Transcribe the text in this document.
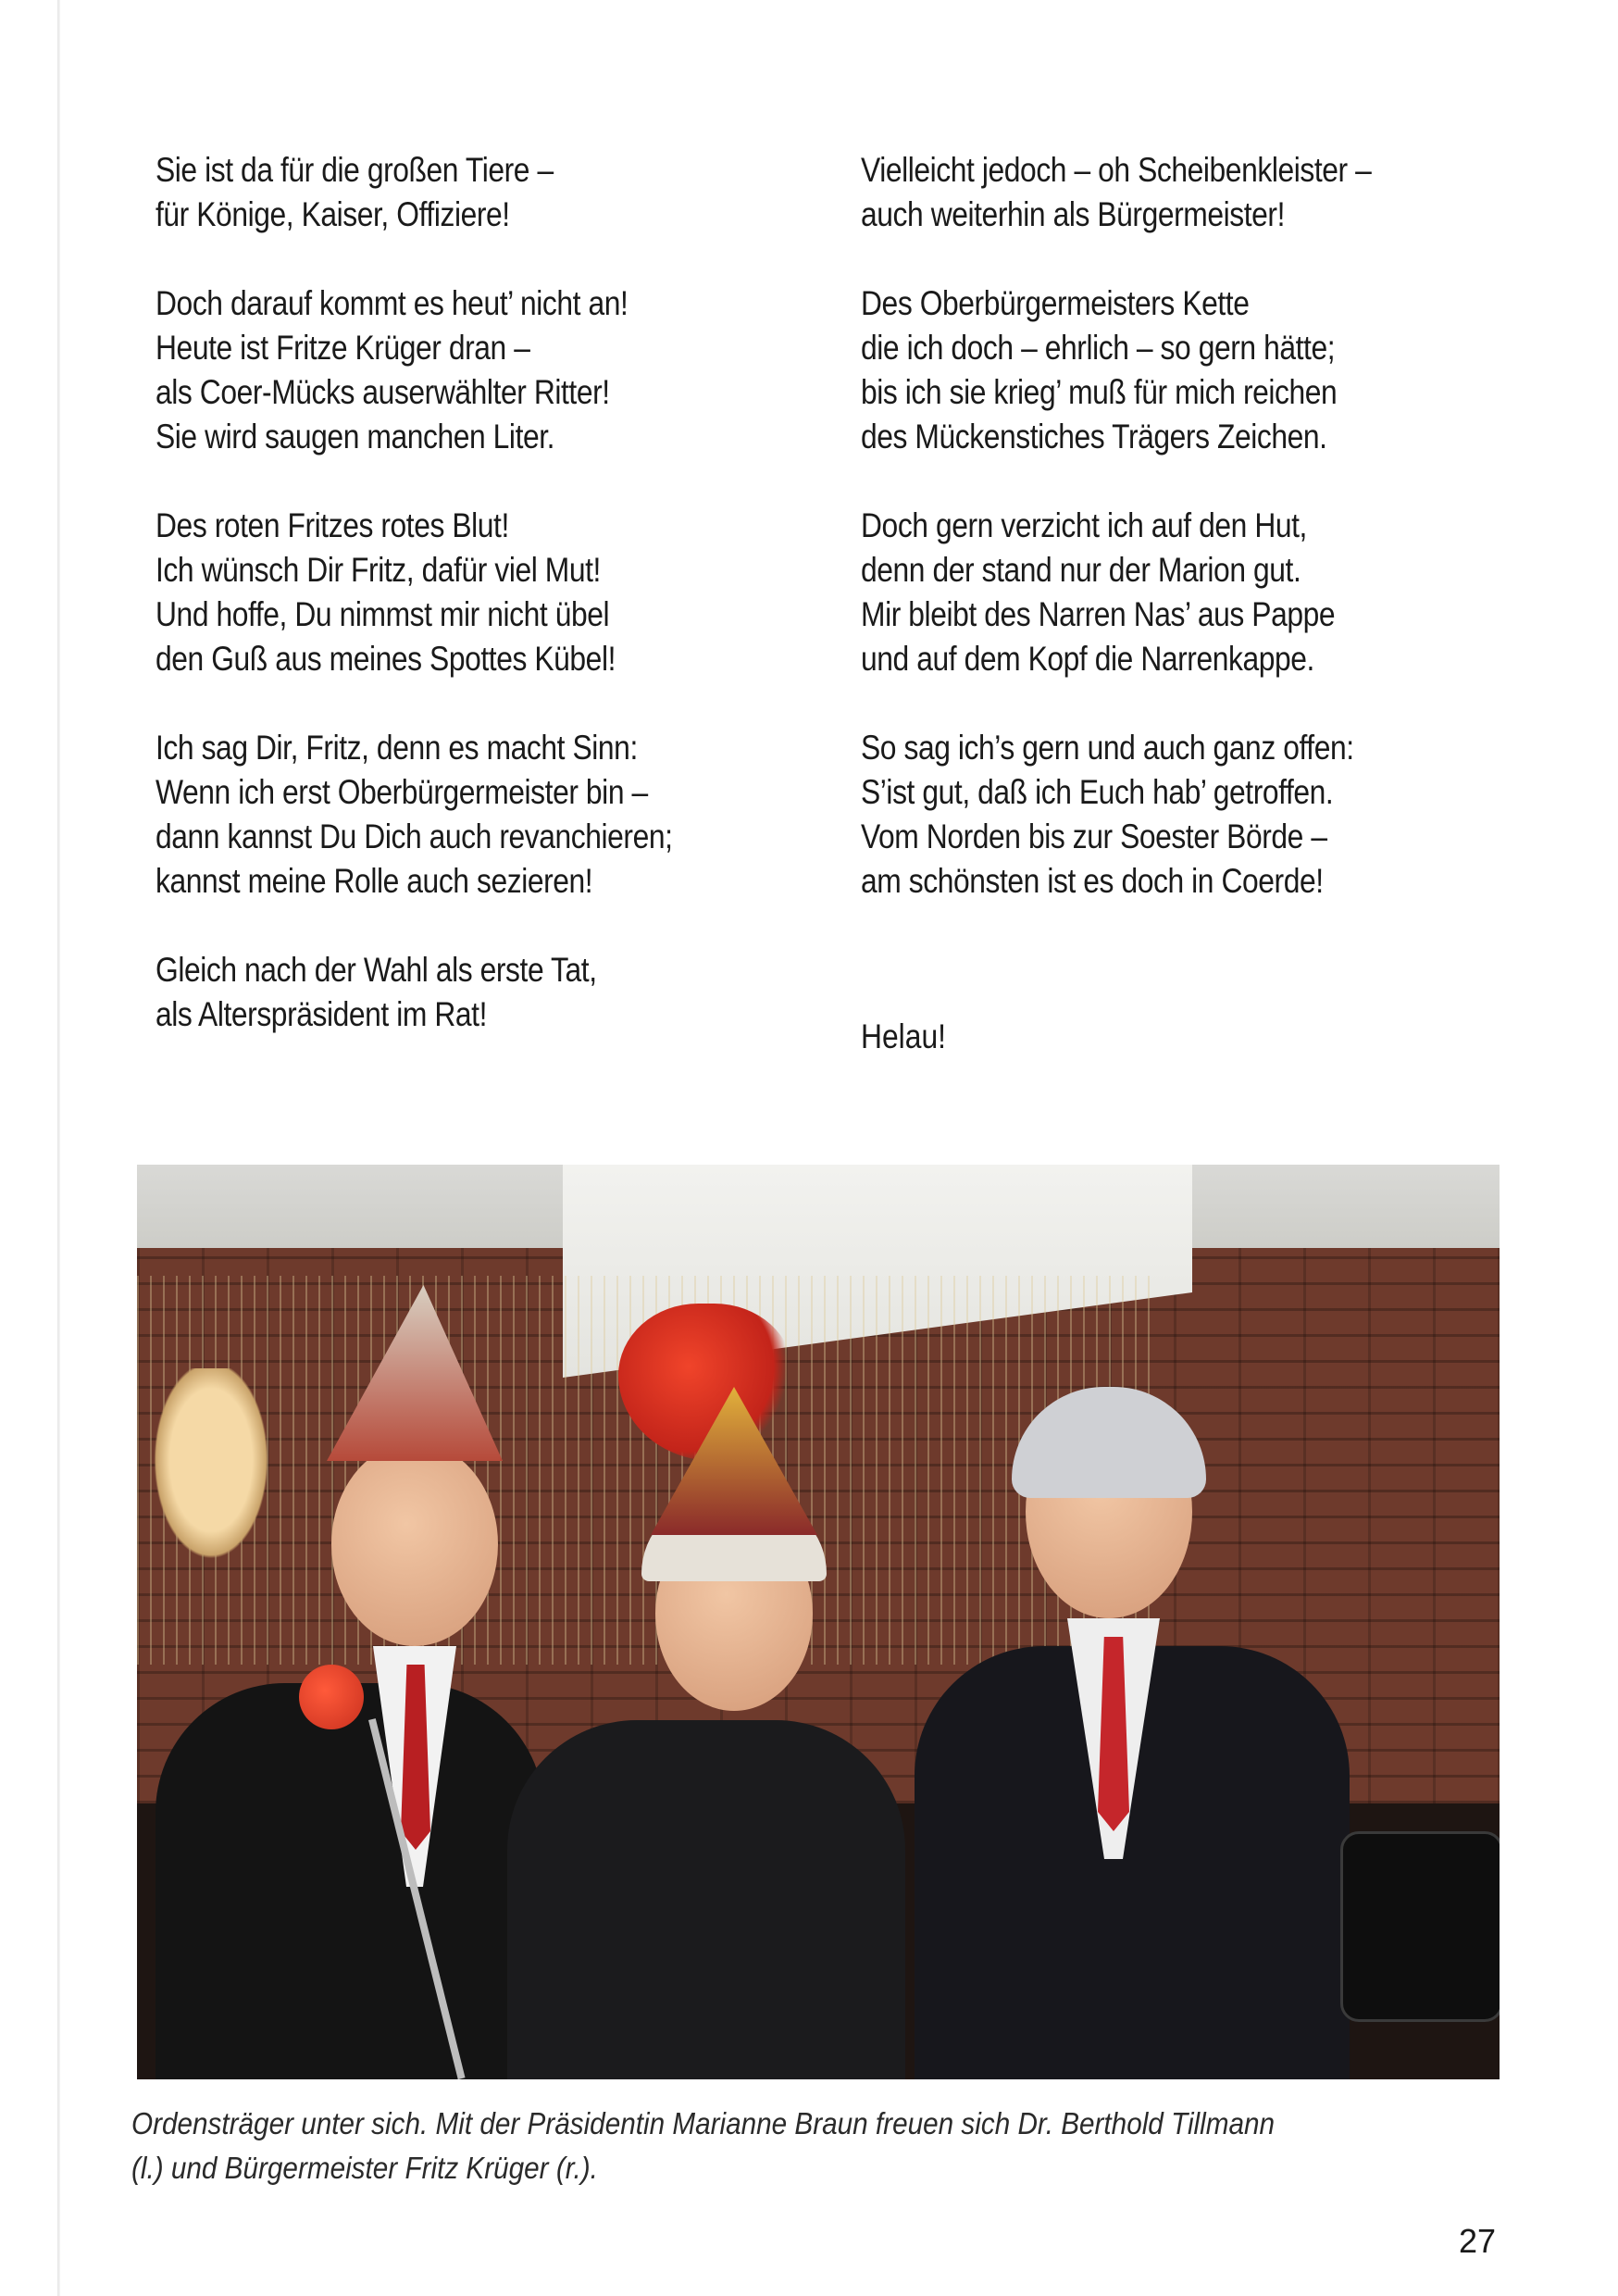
Sie ist da für die großen Tiere –
für Könige, Kaiser, Offiziere!
Doch darauf kommt es heut’ nicht an!
Heute ist Fritze Krüger dran –
als Coer-Mücks auserwählter Ritter!
Sie wird saugen manchen Liter.
Des roten Fritzes rotes Blut!
Ich wünsch Dir Fritz, dafür viel Mut!
Und hoffe, Du nimmst mir nicht übel
den Guß aus meines Spottes Kübel!
Ich sag Dir, Fritz, denn es macht Sinn:
Wenn ich erst Oberbürgermeister bin –
dann kannst Du Dich auch revanchieren;
kannst meine Rolle auch sezieren!
Gleich nach der Wahl als erste Tat,
als Alterspräsident im Rat!
Vielleicht jedoch – oh Scheibenkleister –
auch weiterhin als Bürgermeister!
Des Oberbürgermeisters Kette
die ich doch – ehrlich – so gern hätte;
bis ich sie krieg’ muß für mich reichen
des Mückenstiches Trägers Zeichen.
Doch gern verzicht ich auf den Hut,
denn der stand nur der Marion gut.
Mir bleibt des Narren Nas’ aus Pappe
und auf dem Kopf die Narrenkappe.
So sag ich’s gern und auch ganz offen:
S’ist gut, daß ich Euch hab’ getroffen.
Vom Norden bis zur Soester Börde –
am schönsten ist es doch in Coerde!
Helau!
Ordensträger unter sich. Mit der Präsidentin Marianne Braun freuen sich Dr. Berthold Tillmann
(l.) und Bürgermeister Fritz Krüger (r.).
27
